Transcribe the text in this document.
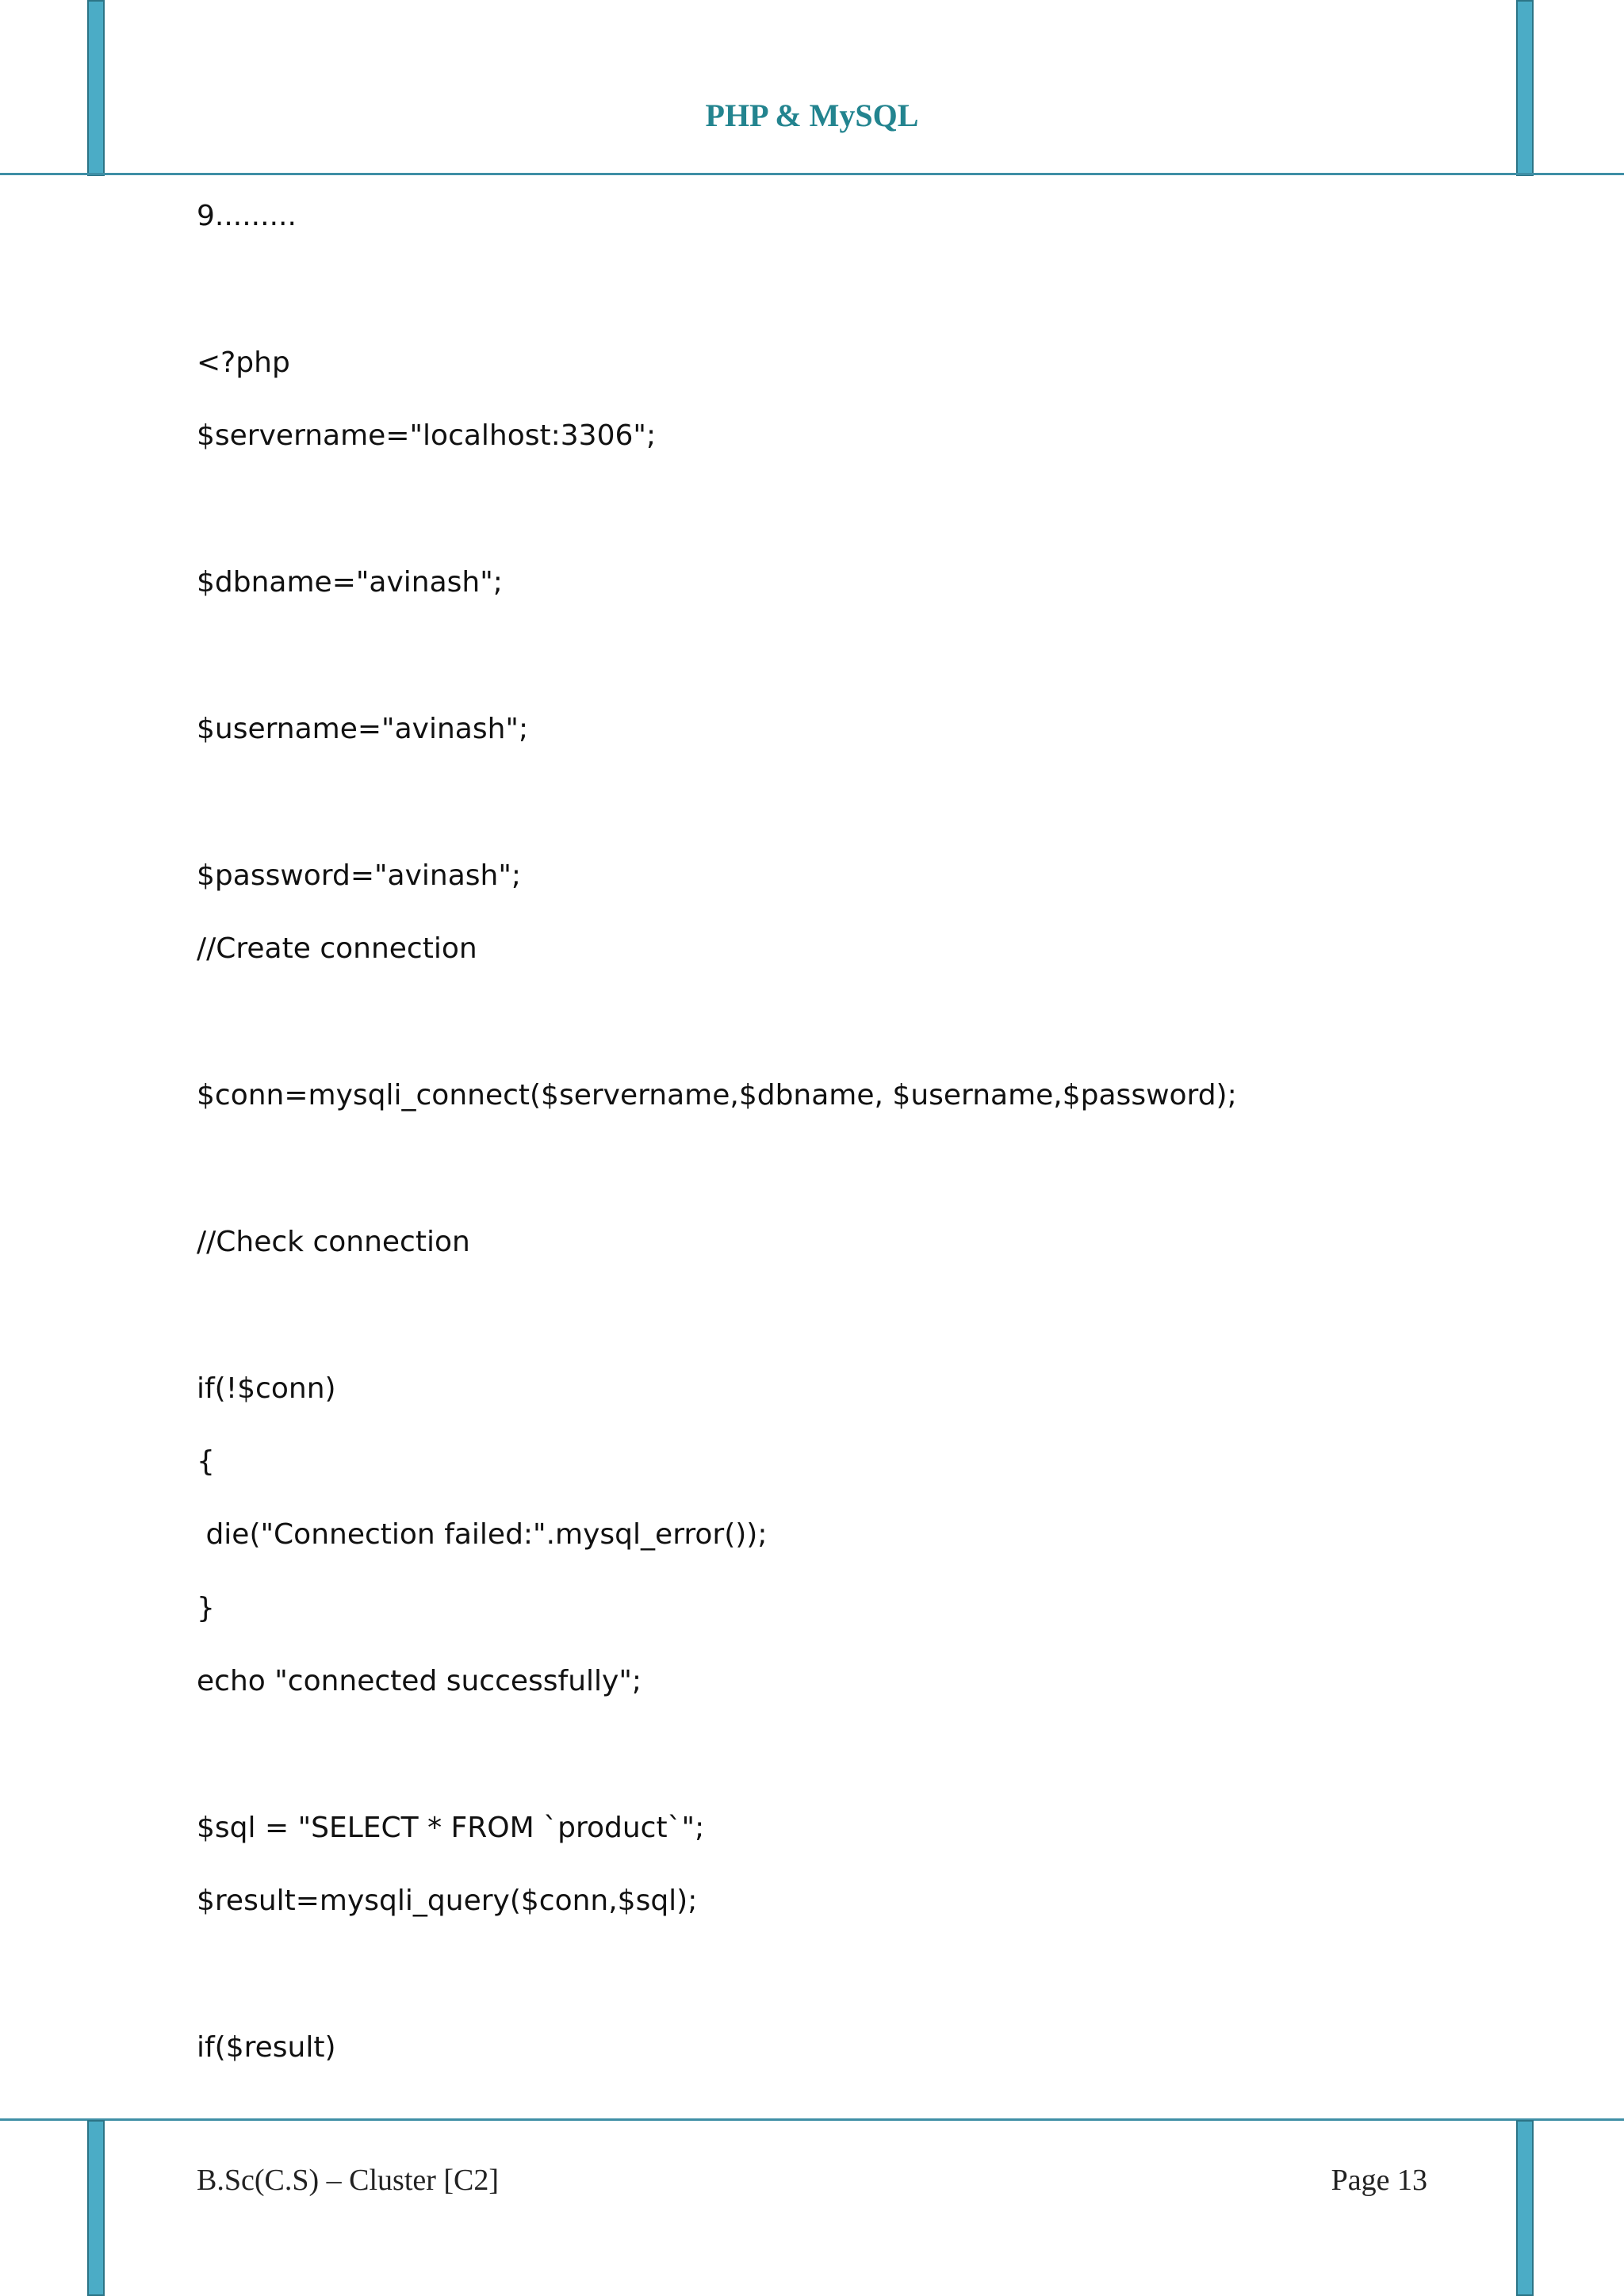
PHP & MySQL
9.........
<?php
$servername="localhost:3306";
$dbname="avinash";
$username="avinash";
$password="avinash";
//Create connection
$conn=mysqli_connect($servername,$dbname, $username,$password);
//Check connection
if(!$conn)
{
die("Connection failed:".mysql_error());
}
echo "connected successfully";
$sql = "SELECT * FROM `product`";
$result=mysqli_query($conn,$sql);
if($result)
B.Sc(C.S) – Cluster [C2]	Page 13
